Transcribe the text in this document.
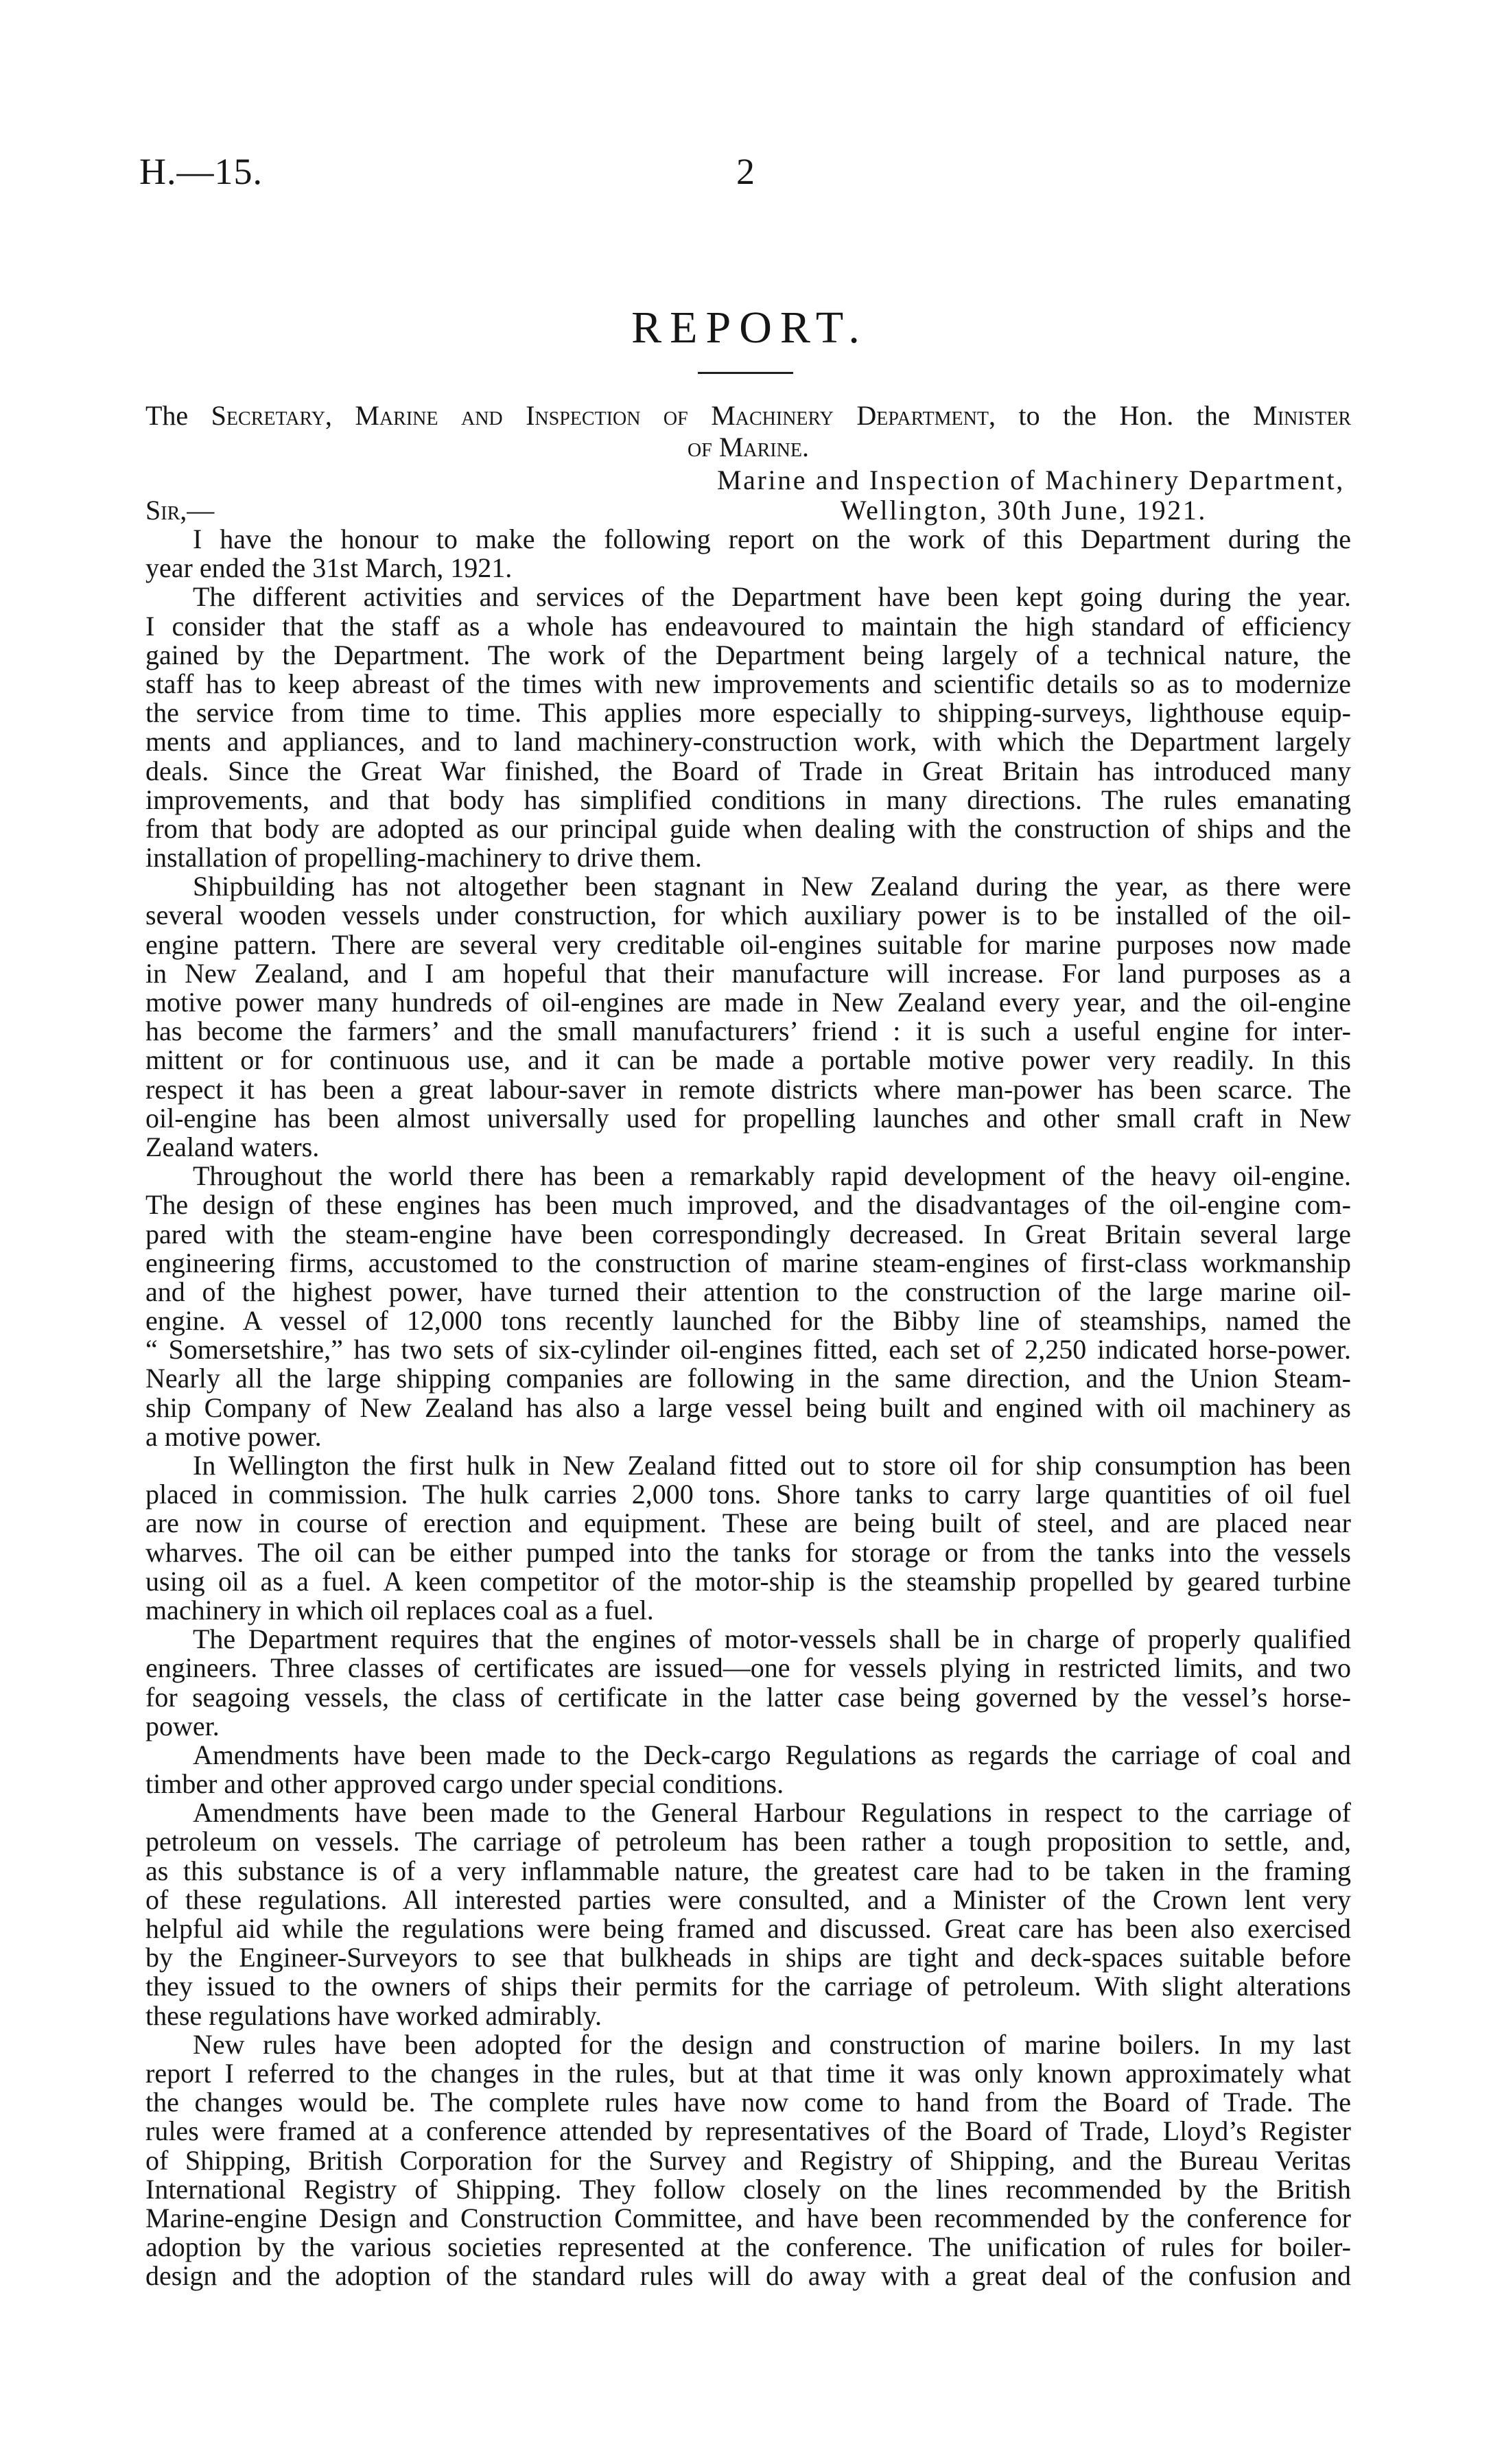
H.—15.	2
REPORT.
The Secretary, Marine and Inspection of Machinery Department, to the Hon. the Minister
of Marine.
Marine and Inspection of Machinery Department,
Sir,—	Wellington, 30th June, 1921.
I have the honour to make the following report on the work of this Department during the
year ended the 31st March, 1921.
The different activities and services of the Department have been kept going during the year.
I consider that the staff as a whole has endeavoured to maintain the high standard of efficiency
gained by the Department. The work of the Department being largely of a technical nature, the
staff has to keep abreast of the times with new improvements and scientific details so as to modernize
the service from time to time. This applies more especially to shipping-surveys, lighthouse equip-
ments and appliances, and to land machinery-construction work, with which the Department largely
deals. Since the Great War finished, the Board of Trade in Great Britain has introduced many
improvements, and that body has simplified conditions in many directions. The rules emanating
from that body are adopted as our principal guide when dealing with the construction of ships and the
installation of propelling-machinery to drive them.
Shipbuilding has not altogether been stagnant in New Zealand during the year, as there were
several wooden vessels under construction, for which auxiliary power is to be installed of the oil-
engine pattern. There are several very creditable oil-engines suitable for marine purposes now made
in New Zealand, and I am hopeful that their manufacture will increase. For land purposes as a
motive power many hundreds of oil-engines are made in New Zealand every year, and the oil-engine
has become the farmers’ and the small manufacturers’ friend : it is such a useful engine for inter-
mittent or for continuous use, and it can be made a portable motive power very readily. In this
respect it has been a great labour-saver in remote districts where man-power has been scarce. The
oil-engine has been almost universally used for propelling launches and other small craft in New
Zealand waters.
Throughout the world there has been a remarkably rapid development of the heavy oil-engine.
The design of these engines has been much improved, and the disadvantages of the oil-engine com-
pared with the steam-engine have been correspondingly decreased. In Great Britain several large
engineering firms, accustomed to the construction of marine steam-engines of first-class workmanship
and of the highest power, have turned their attention to the construction of the large marine oil-
engine. A vessel of 12,000 tons recently launched for the Bibby line of steamships, named the
“ Somersetshire,” has two sets of six-cylinder oil-engines fitted, each set of 2,250 indicated horse-power.
Nearly all the large shipping companies are following in the same direction, and the Union Steam-
ship Company of New Zealand has also a large vessel being built and engined with oil machinery as
a motive power.
In Wellington the first hulk in New Zealand fitted out to store oil for ship consumption has been
placed in commission. The hulk carries 2,000 tons. Shore tanks to carry large quantities of oil fuel
are now in course of erection and equipment. These are being built of steel, and are placed near
wharves. The oil can be either pumped into the tanks for storage or from the tanks into the vessels
using oil as a fuel. A keen competitor of the motor-ship is the steamship propelled by geared turbine
machinery in which oil replaces coal as a fuel.
The Department requires that the engines of motor-vessels shall be in charge of properly qualified
engineers. Three classes of certificates are issued—one for vessels plying in restricted limits, and two
for seagoing vessels, the class of certificate in the latter case being governed by the vessel’s horse-
power.
Amendments have been made to the Deck-cargo Regulations as regards the carriage of coal and
timber and other approved cargo under special conditions.
Amendments have been made to the General Harbour Regulations in respect to the carriage of
petroleum on vessels. The carriage of petroleum has been rather a tough proposition to settle, and,
as this substance is of a very inflammable nature, the greatest care had to be taken in the framing
of these regulations. All interested parties were consulted, and a Minister of the Crown lent very
helpful aid while the regulations were being framed and discussed. Great care has been also exercised
by the Engineer-Surveyors to see that bulkheads in ships are tight and deck-spaces suitable before
they issued to the owners of ships their permits for the carriage of petroleum. With slight alterations
these regulations have worked admirably.
New rules have been adopted for the design and construction of marine boilers. In my last
report I referred to the changes in the rules, but at that time it was only known approximately what
the changes would be. The complete rules have now come to hand from the Board of Trade. The
rules were framed at a conference attended by representatives of the Board of Trade, Lloyd’s Register
of Shipping, British Corporation for the Survey and Registry of Shipping, and the Bureau Veritas
International Registry of Shipping. They follow closely on the lines recommended by the British
Marine-engine Design and Construction Committee, and have been recommended by the conference for
adoption by the various societies represented at the conference. The unification of rules for boiler-
design and the adoption of the standard rules will do away with a great deal of the confusion and
